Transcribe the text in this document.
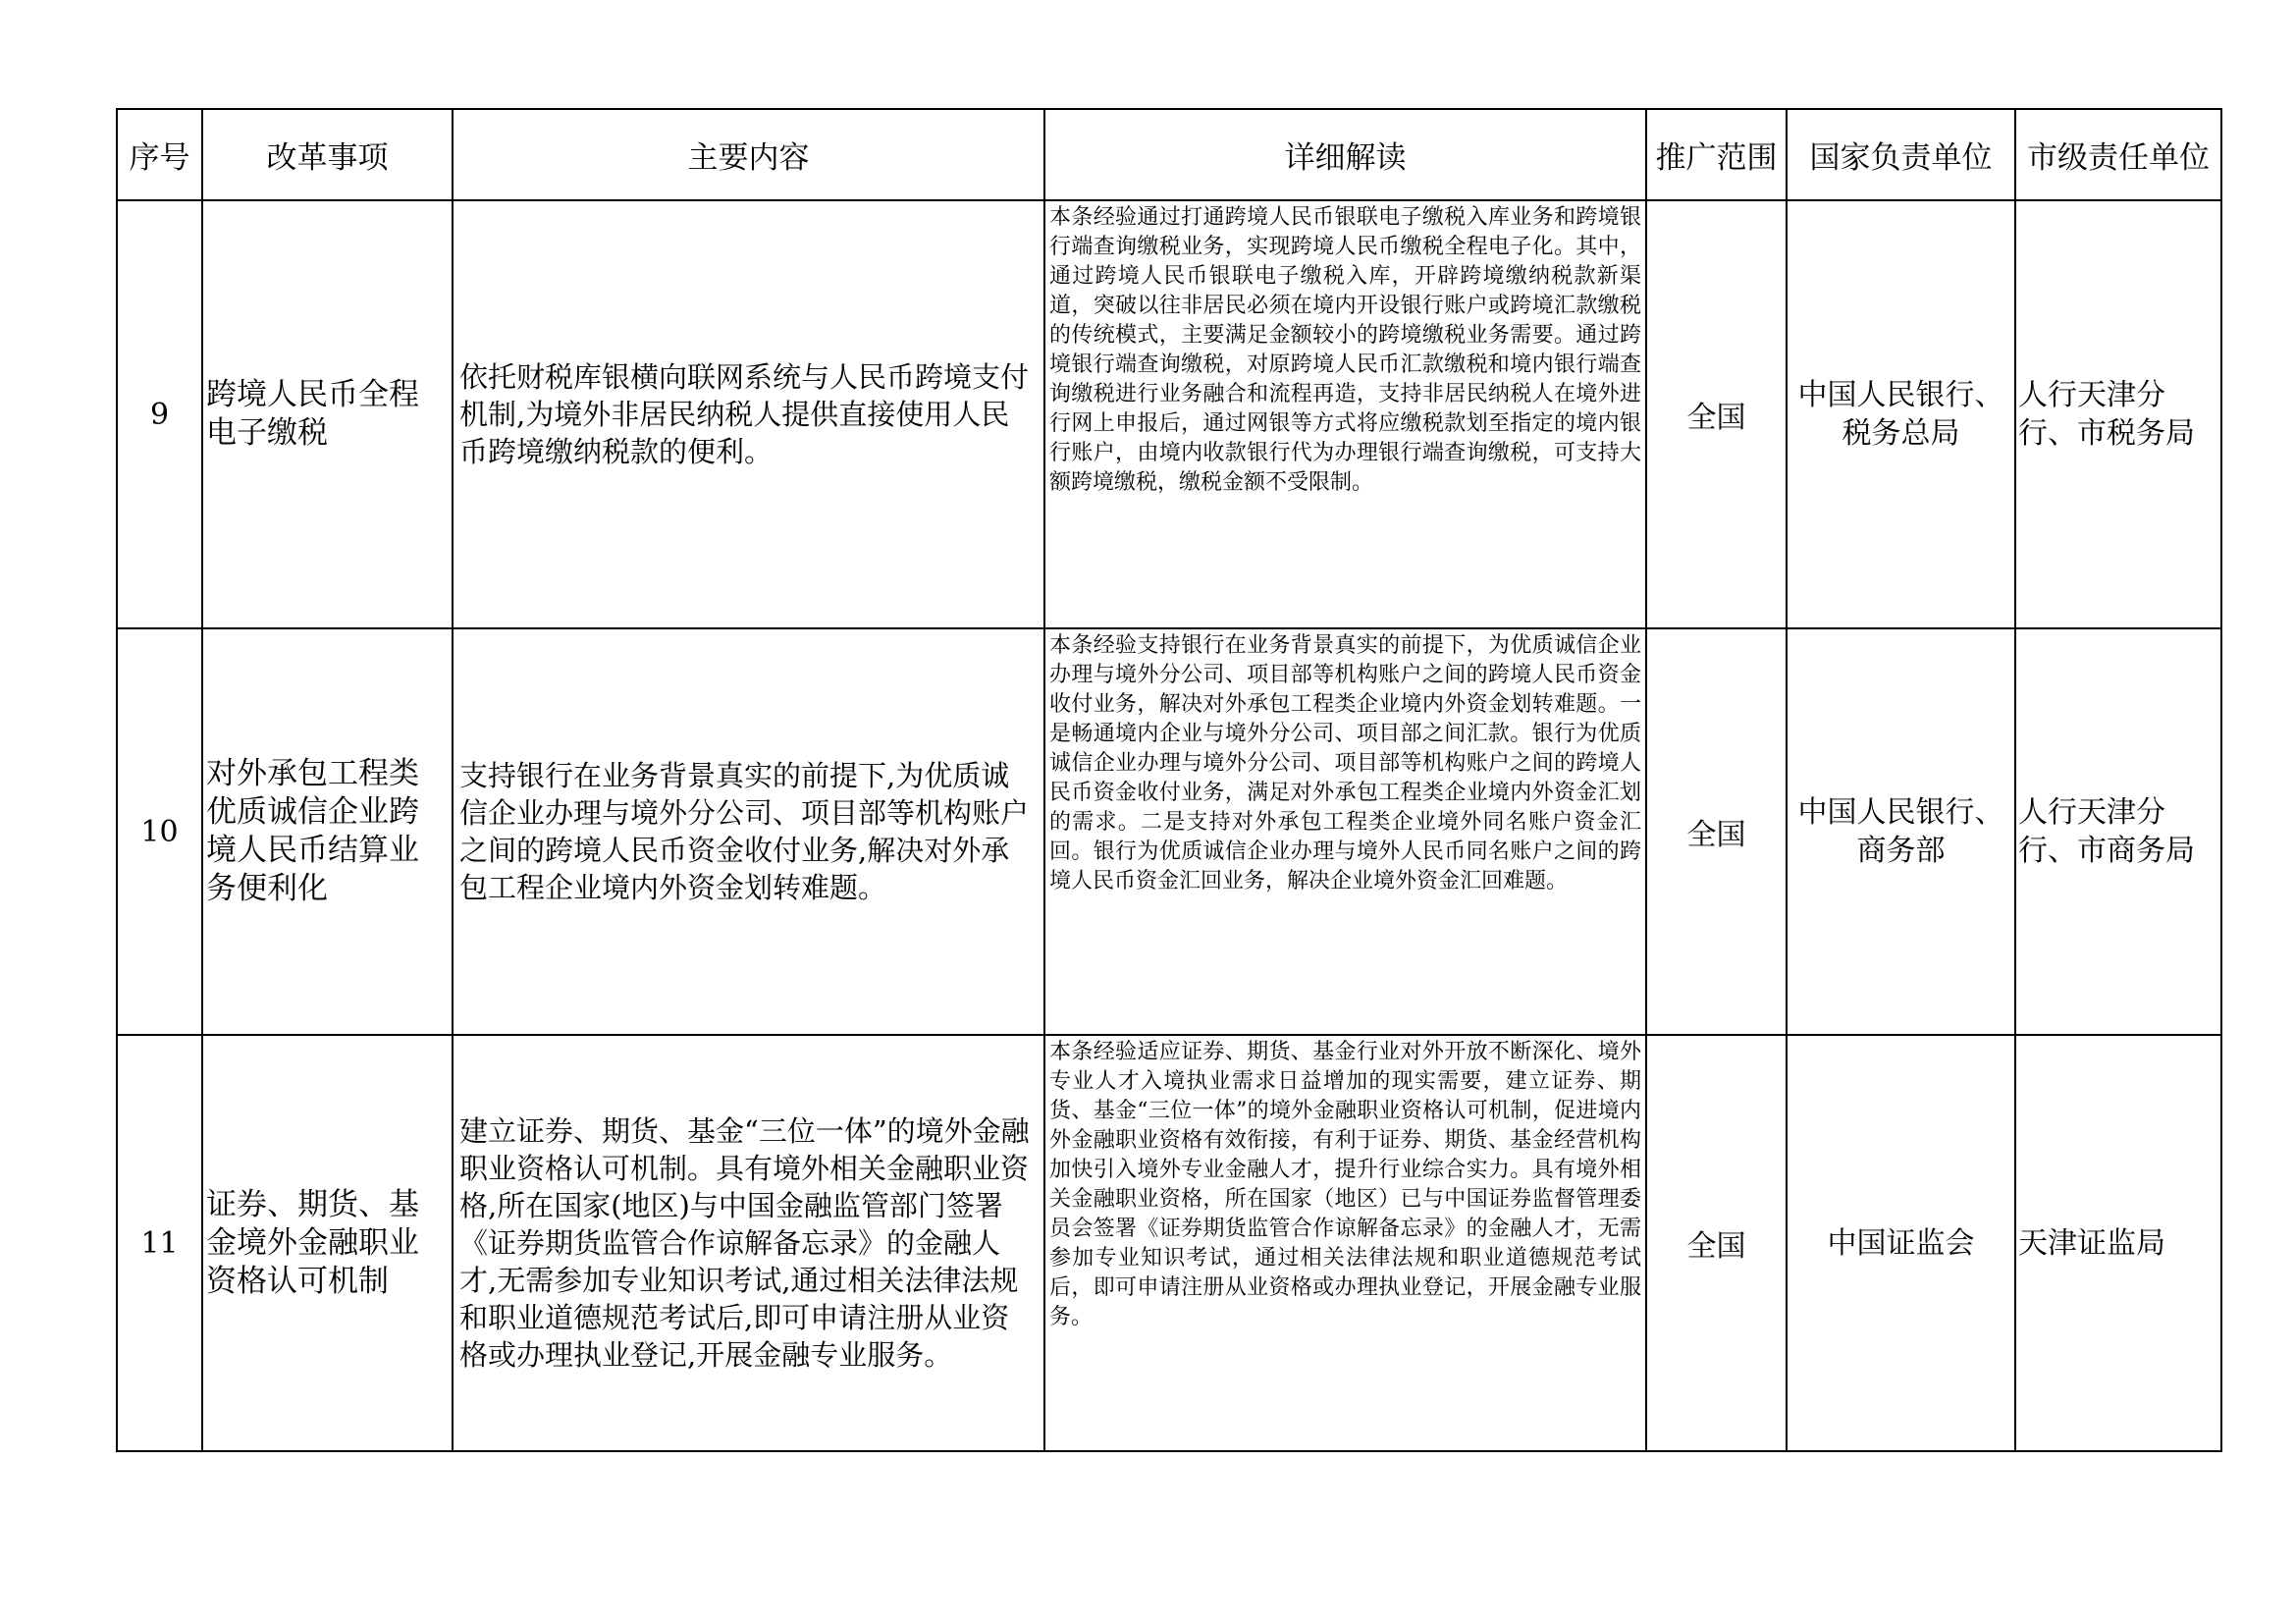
序号	改革事项	主要内容	详细解读	推广范围	国家负责单位	市级责任单位
9	跨境人民币全程电子缴税	依托财税库银横向联网系统与人民币跨境支付机制,为境外非居民纳税人提供直接使用人民币跨境缴纳税款的便利。	本条经验通过打通跨境人民币银联电子缴税入库业务和跨境银行端查询缴税业务，实现跨境人民币缴税全程电子化。其中，通过跨境人民币银联电子缴税入库，开辟跨境缴纳税款新渠道，突破以往非居民必须在境内开设银行账户或跨境汇款缴税的传统模式，主要满足金额较小的跨境缴税业务需要。通过跨境银行端查询缴税，对原跨境人民币汇款缴税和境内银行端查询缴税进行业务融合和流程再造，支持非居民纳税人在境外进行网上申报后，通过网银等方式将应缴税款划至指定的境内银行账户，由境内收款银行代为办理银行端查询缴税，可支持大额跨境缴税，缴税金额不受限制。	全国	中国人民银行、税务总局	人行天津分行、市税务局
10	对外承包工程类优质诚信企业跨境人民币结算业务便利化	支持银行在业务背景真实的前提下,为优质诚信企业办理与境外分公司、项目部等机构账户之间的跨境人民币资金收付业务,解决对外承包工程企业境内外资金划转难题。	本条经验支持银行在业务背景真实的前提下，为优质诚信企业办理与境外分公司、项目部等机构账户之间的跨境人民币资金收付业务，解决对外承包工程类企业境内外资金划转难题。一是畅通境内企业与境外分公司、项目部之间汇款。银行为优质诚信企业办理与境外分公司、项目部等机构账户之间的跨境人民币资金收付业务，满足对外承包工程类企业境内外资金汇划的需求。二是支持对外承包工程类企业境外同名账户资金汇回。银行为优质诚信企业办理与境外人民币同名账户之间的跨境人民币资金汇回业务，解决企业境外资金汇回难题。	全国	中国人民银行、商务部	人行天津分行、市商务局
11	证券、期货、基金境外金融职业资格认可机制	建立证券、期货、基金“三位一体”的境外金融职业资格认可机制。具有境外相关金融职业资格,所在国家(地区)与中国金融监管部门签署《证券期货监管合作谅解备忘录》的金融人才,无需参加专业知识考试,通过相关法律法规和职业道德规范考试后,即可申请注册从业资格或办理执业登记,开展金融专业服务。	本条经验适应证券、期货、基金行业对外开放不断深化、境外专业人才入境执业需求日益增加的现实需要，建立证券、期货、基金“三位一体”的境外金融职业资格认可机制，促进境内外金融职业资格有效衔接，有利于证券、期货、基金经营机构加快引入境外专业金融人才，提升行业综合实力。具有境外相关金融职业资格，所在国家（地区）已与中国证券监督管理委员会签署《证券期货监管合作谅解备忘录》的金融人才，无需参加专业知识考试，通过相关法律法规和职业道德规范考试后，即可申请注册从业资格或办理执业登记，开展金融专业服务。	全国	中国证监会	天津证监局
